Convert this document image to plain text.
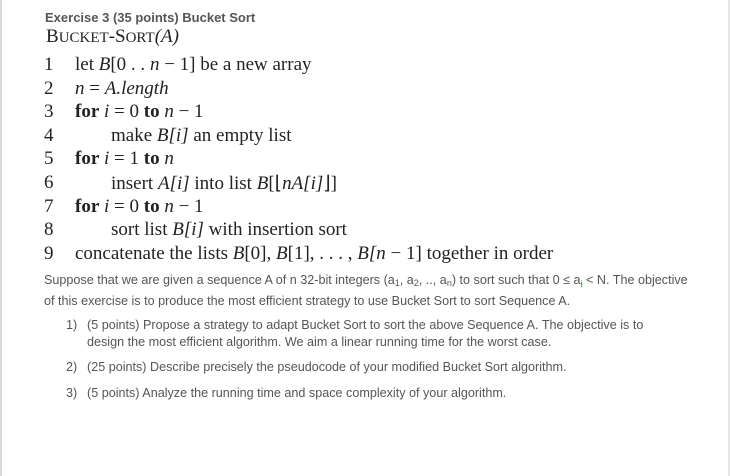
Exercise 3 (35 points) Bucket Sort
BUCKET-SORT(A)
1 let B[0 . . n − 1] be a new array
2 n = A.length
3 for i = 0 to n − 1
4	make B[i] an empty list
5 for i = 1 to n
6	insert A[i] into list B[⌊nA[i]⌋]
7 for i = 0 to n − 1
8	sort list B[i] with insertion sort
9 concatenate the lists B[0], B[1], . . . , B[n − 1] together in order
Suppose that we are given a sequence A of n 32-bit integers ($a_1$, $a_2$, .., $a_n$) to sort such that $0 \le a_i < N$. The objective of this exercise is to produce the most efficient strategy to use Bucket Sort to sort Sequence A.
1) (5 points) Propose a strategy to adapt Bucket Sort to sort the above Sequence A. The objective is to design the most efficient algorithm. We aim a linear running time for the worst case.
2) (25 points) Describe precisely the pseudocode of your modified Bucket Sort algorithm.
3) (5 points) Analyze the running time and space complexity of your algorithm.
